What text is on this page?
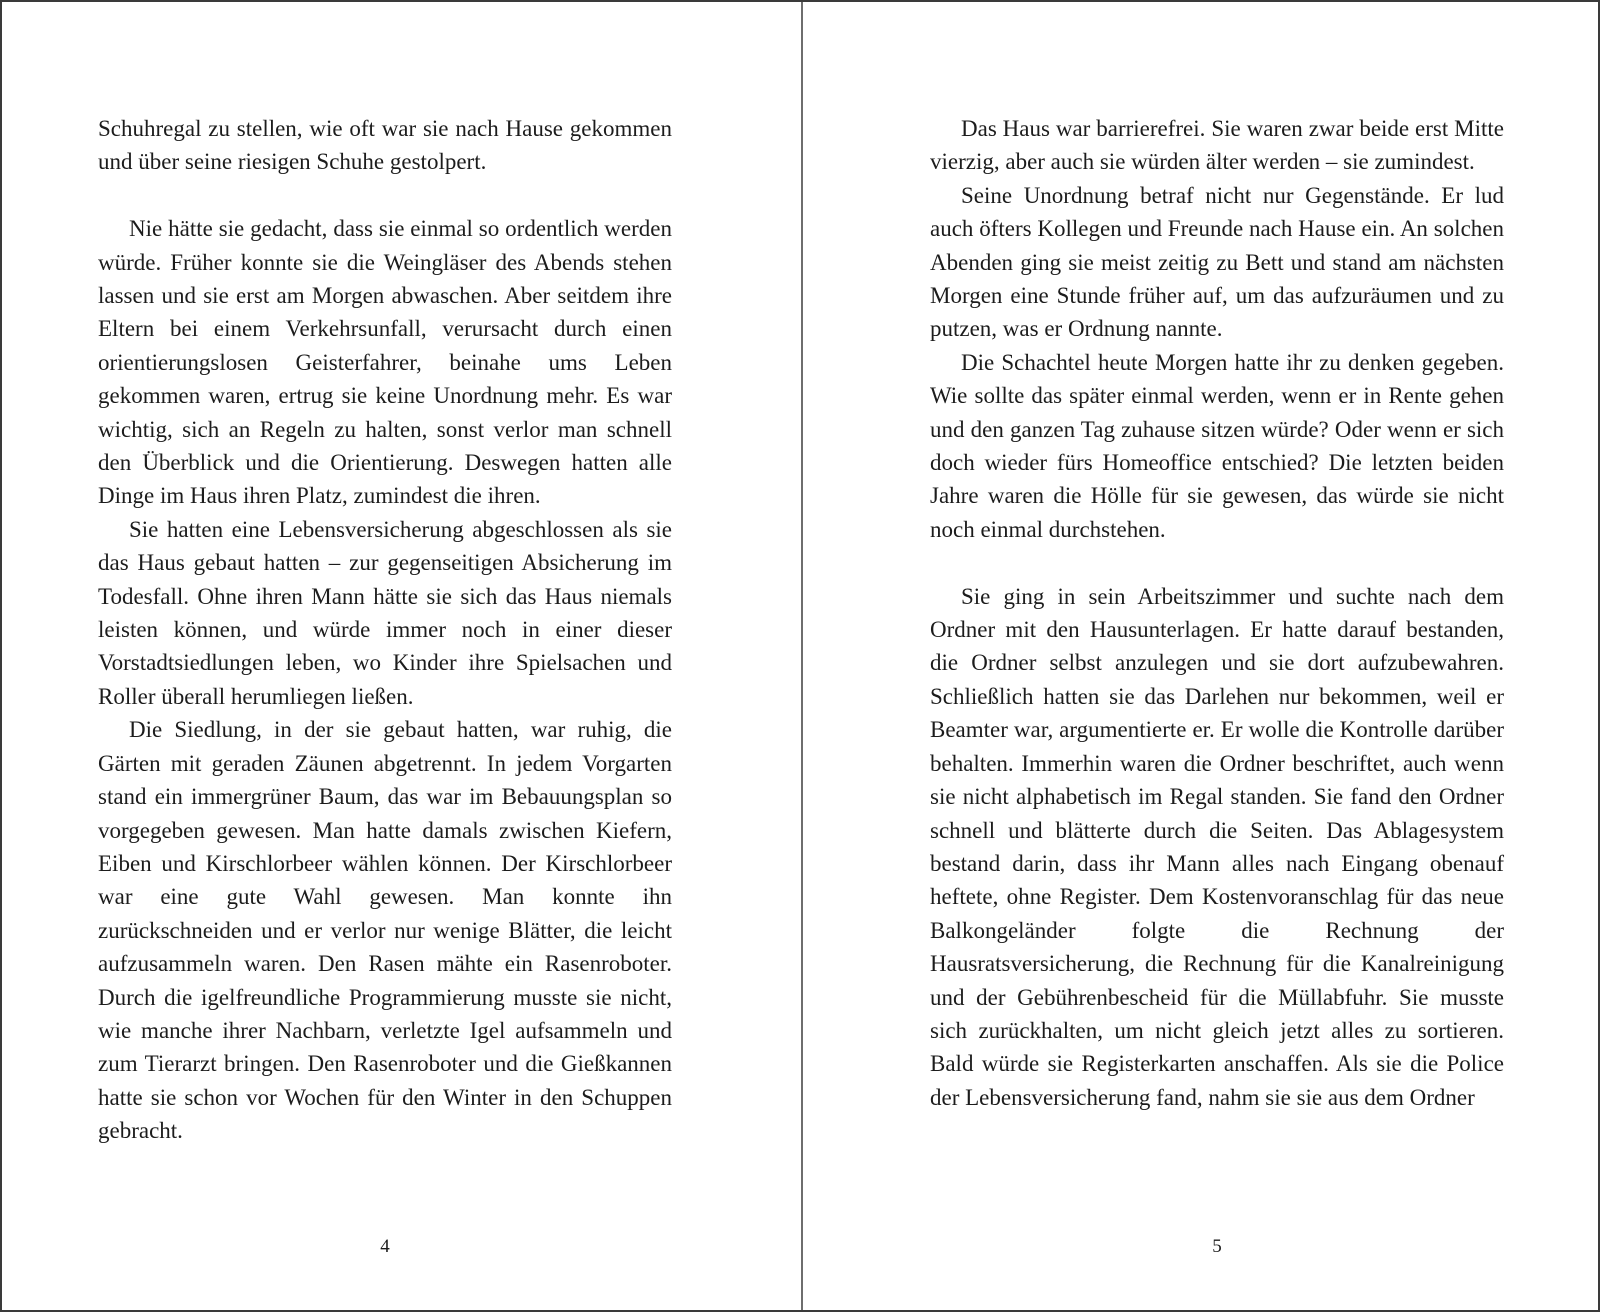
Schuhregal zu stellen, wie oft war sie nach Hause gekommen und über seine riesigen Schuhe gestolpert.

Nie hätte sie gedacht, dass sie einmal so ordentlich werden würde. Früher konnte sie die Weingläser des Abends stehen lassen und sie erst am Morgen abwaschen. Aber seitdem ihre Eltern bei einem Verkehrsunfall, verursacht durch einen orientierungslosen Geisterfahrer, beinahe ums Leben gekommen waren, ertrug sie keine Unordnung mehr. Es war wichtig, sich an Regeln zu halten, sonst verlor man schnell den Überblick und die Orientierung. Deswegen hatten alle Dinge im Haus ihren Platz, zumindest die ihren.

Sie hatten eine Lebensversicherung abgeschlossen als sie das Haus gebaut hatten – zur gegenseitigen Absicherung im Todesfall. Ohne ihren Mann hätte sie sich das Haus niemals leisten können, und würde immer noch in einer dieser Vorstadtsiedlungen leben, wo Kinder ihre Spielsachen und Roller überall herumliegen ließen.

Die Siedlung, in der sie gebaut hatten, war ruhig, die Gärten mit geraden Zäunen abgetrennt. In jedem Vorgarten stand ein immergrüner Baum, das war im Bebauungsplan so vorgegeben gewesen. Man hatte damals zwischen Kiefern, Eiben und Kirschlorbeer wählen können. Der Kirschlorbeer war eine gute Wahl gewesen. Man konnte ihn zurückschneiden und er verlor nur wenige Blätter, die leicht aufzusammeln waren. Den Rasen mähte ein Rasenroboter. Durch die igelfreundliche Programmierung musste sie nicht, wie manche ihrer Nachbarn, verletzte Igel aufsammeln und zum Tierarzt bringen. Den Rasenroboter und die Gießkannen hatte sie schon vor Wochen für den Winter in den Schuppen gebracht.

4

Das Haus war barrierefrei. Sie waren zwar beide erst Mitte vierzig, aber auch sie würden älter werden – sie zumindest.

Seine Unordnung betraf nicht nur Gegenstände. Er lud auch öfters Kollegen und Freunde nach Hause ein. An solchen Abenden ging sie meist zeitig zu Bett und stand am nächsten Morgen eine Stunde früher auf, um das aufzuräumen und zu putzen, was er Ordnung nannte.

Die Schachtel heute Morgen hatte ihr zu denken gegeben. Wie sollte das später einmal werden, wenn er in Rente gehen und den ganzen Tag zuhause sitzen würde? Oder wenn er sich doch wieder fürs Homeoffice entschied? Die letzten beiden Jahre waren die Hölle für sie gewesen, das würde sie nicht noch einmal durchstehen.

Sie ging in sein Arbeitszimmer und suchte nach dem Ordner mit den Hausunterlagen. Er hatte darauf bestanden, die Ordner selbst anzulegen und sie dort aufzubewahren. Schließlich hatten sie das Darlehen nur bekommen, weil er Beamter war, argumentierte er. Er wolle die Kontrolle darüber behalten. Immerhin waren die Ordner beschriftet, auch wenn sie nicht alphabetisch im Regal standen. Sie fand den Ordner schnell und blätterte durch die Seiten. Das Ablagesystem bestand darin, dass ihr Mann alles nach Eingang obenauf heftete, ohne Register. Dem Kostenvoranschlag für das neue Balkongeländer folgte die Rechnung der Hausratsversicherung, die Rechnung für die Kanalreinigung und der Gebührenbescheid für die Müllabfuhr. Sie musste sich zurückhalten, um nicht gleich jetzt alles zu sortieren. Bald würde sie Registerkarten anschaffen. Als sie die Police der Lebensversicherung fand, nahm sie sie aus dem Ordner

5
